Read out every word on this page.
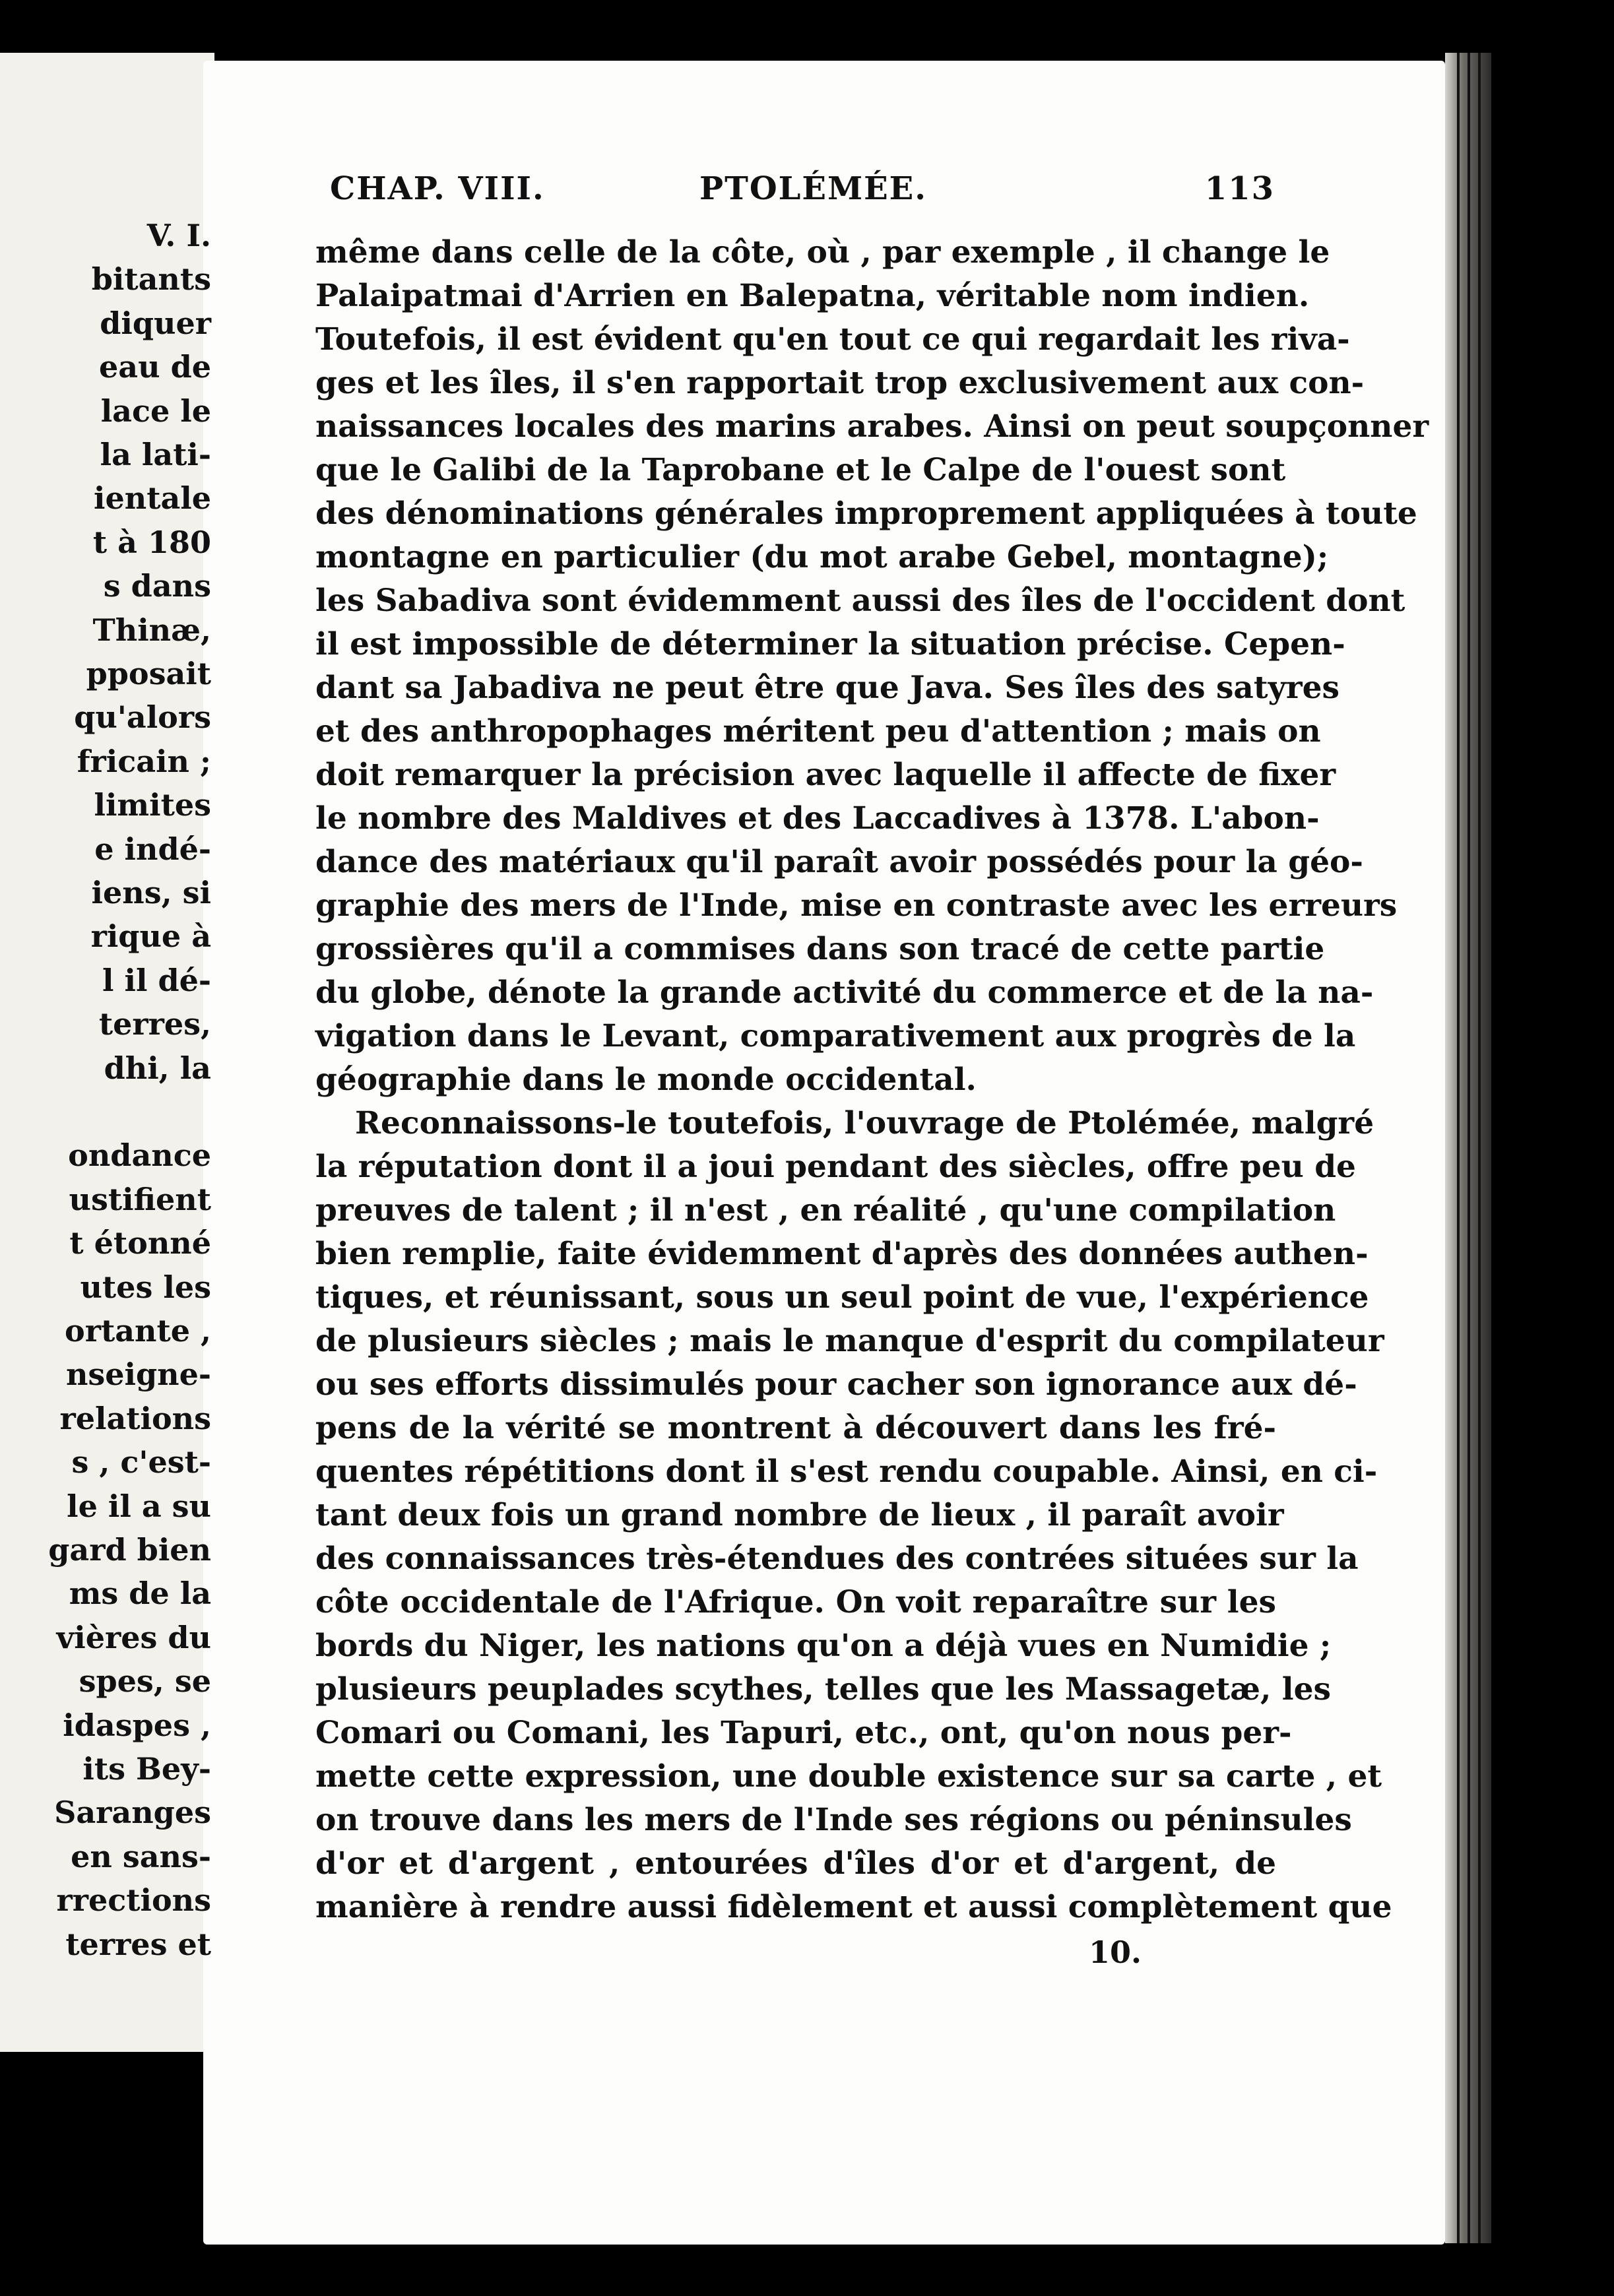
V. I.
bitants
diquer
eau de
lace le
la lati-
ientale
t à 180
s dans
Thinæ,
pposait
qu'alors
fricain ;
limites
e indé-
iens, si
rique à
l il dé-
terres,
dhi, la
ondance
ustifient
t étonné
utes les
ortante ,
nseigne-
relations
s , c'est-
le il a su
gard bien
ms de la
vières du
spes, se
idaspes ,
its Bey-
Saranges
en sans-
rrections
terres et
CHAP. VIII.	PTOLÉMÉE.	113
même dans celle de la côte, où , par exemple , il change le
Palaipatmai d'Arrien en Balepatna, véritable nom indien.
Toutefois, il est évident qu'en tout ce qui regardait les riva-
ges et les îles, il s'en rapportait trop exclusivement aux con-
naissances locales des marins arabes. Ainsi on peut soupçonner
que le Galibi de la Taprobane et le Calpe de l'ouest sont
des dénominations générales improprement appliquées à toute
montagne en particulier (du mot arabe Gebel, montagne);
les Sabadiva sont évidemment aussi des îles de l'occident dont
il est impossible de déterminer la situation précise. Cepen-
dant sa Jabadiva ne peut être que Java. Ses îles des satyres
et des anthropophages méritent peu d'attention ; mais on
doit remarquer la précision avec laquelle il affecte de fixer
le nombre des Maldives et des Laccadives à 1378. L'abon-
dance des matériaux qu'il paraît avoir possédés pour la géo-
graphie des mers de l'Inde, mise en contraste avec les erreurs
grossières qu'il a commises dans son tracé de cette partie
du globe, dénote la grande activité du commerce et de la na-
vigation dans le Levant, comparativement aux progrès de la
géographie dans le monde occidental.
Reconnaissons-le toutefois, l'ouvrage de Ptolémée, malgré
la réputation dont il a joui pendant des siècles, offre peu de
preuves de talent ; il n'est , en réalité , qu'une compilation
bien remplie, faite évidemment d'après des données authen-
tiques, et réunissant, sous un seul point de vue, l'expérience
de plusieurs siècles ; mais le manque d'esprit du compilateur
ou ses efforts dissimulés pour cacher son ignorance aux dé-
pens de la vérité se montrent à découvert dans les fré-
quentes répétitions dont il s'est rendu coupable. Ainsi, en ci-
tant deux fois un grand nombre de lieux , il paraît avoir
des connaissances très-étendues des contrées situées sur la
côte occidentale de l'Afrique. On voit reparaître sur les
bords du Niger, les nations qu'on a déjà vues en Numidie ;
plusieurs peuplades scythes, telles que les Massagetæ, les
Comari ou Comani, les Tapuri, etc., ont, qu'on nous per-
mette cette expression, une double existence sur sa carte , et
on trouve dans les mers de l'Inde ses régions ou péninsules
d'or et d'argent , entourées d'îles d'or et d'argent, de
manière à rendre aussi fidèlement et aussi complètement que
10.
